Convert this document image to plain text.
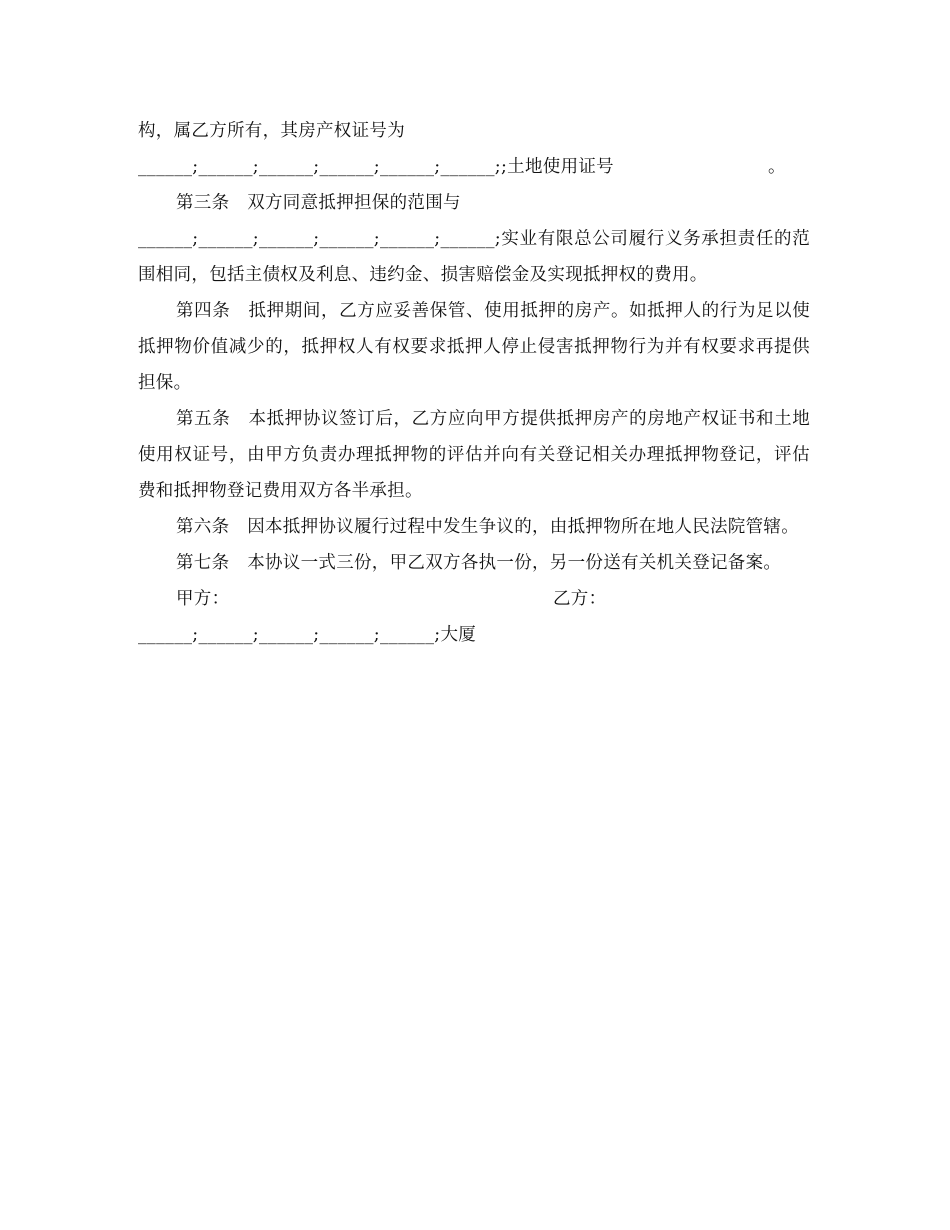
构，属乙方所有，其房产权证号为

______;______;______;______;______;______;;土地使用证号	。

第三条　双方同意抵押担保的范围与

______;______;______;______;______;______;实业有限总公司履行义务承担责任的范围相同，包括主债权及利息、违约金、损害赔偿金及实现抵押权的费用。

第四条　抵押期间，乙方应妥善保管、使用抵押的房产。如抵押人的行为足以使抵押物价值减少的，抵押权人有权要求抵押人停止侵害抵押物行为并有权要求再提供担保。

第五条　本抵押协议签订后，乙方应向甲方提供抵押房产的房地产权证书和土地使用权证号，由甲方负责办理抵押物的评估并向有关登记相关办理抵押物登记，评估费和抵押物登记费用双方各半承担。

第六条　因本抵押协议履行过程中发生争议的，由抵押物所在地人民法院管辖。

第七条　本协议一式三份，甲乙双方各执一份，另一份送有关机关登记备案。

甲方：	乙方：
______;______;______;______;______;大厦
